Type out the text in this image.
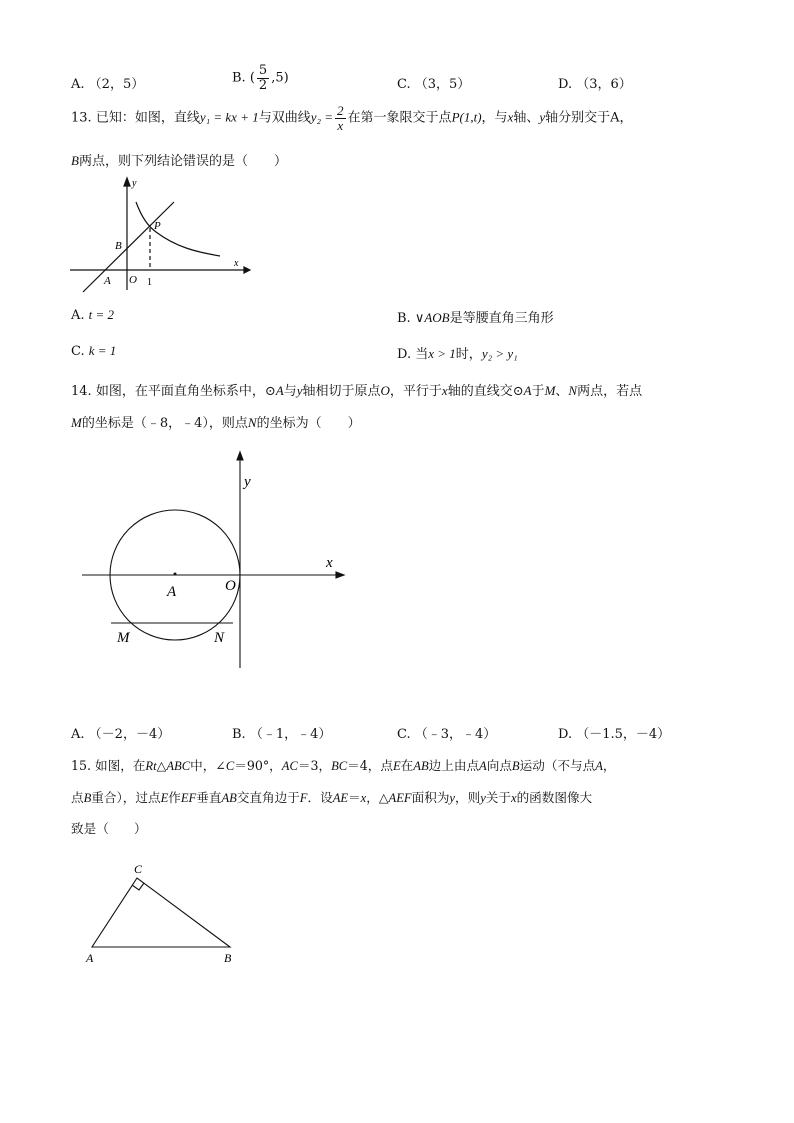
A. （2，5）	B. ( $\frac{5}{2} ,5$)	C. （3，5）	D. （3，6）
13. 已知：如图，直线y₁ = kx + 1与双曲线$y_2 = \frac{2}{x}$ 在第一象限交于点P(1,t)，与x轴、y轴分别交于A，
B两点，则下列结论错误的是（　　）
y
x
P
B
A O 1
A. t = 2	B. ∨AOB是等腰直角三角形
C. k = 1	D. 当x > 1时，y₂ > y₁
14. 如图，在平面直角坐标系中，⊙A与y轴相切于原点O，平行于x轴的直线交⊙A于M、N两点，若点
M的坐标是（﹣8，﹣4），则点N的坐标为（　　）
y
x
A	O
M	N
A. （－2，－4）	B. （﹣1，﹣4）	C. （﹣3，﹣4）	D. （－1.5，－4）
15. 如图，在Rt△ABC中，∠C＝90°，AC＝3，BC＝4，点E在AB边上由点A向点B运动（不与点A，
点B重合），过点E作EF垂直AB交直角边于F．设AE＝x，△AEF面积为y，则y关于x的函数图像大
致是（　　）
C
A	B
